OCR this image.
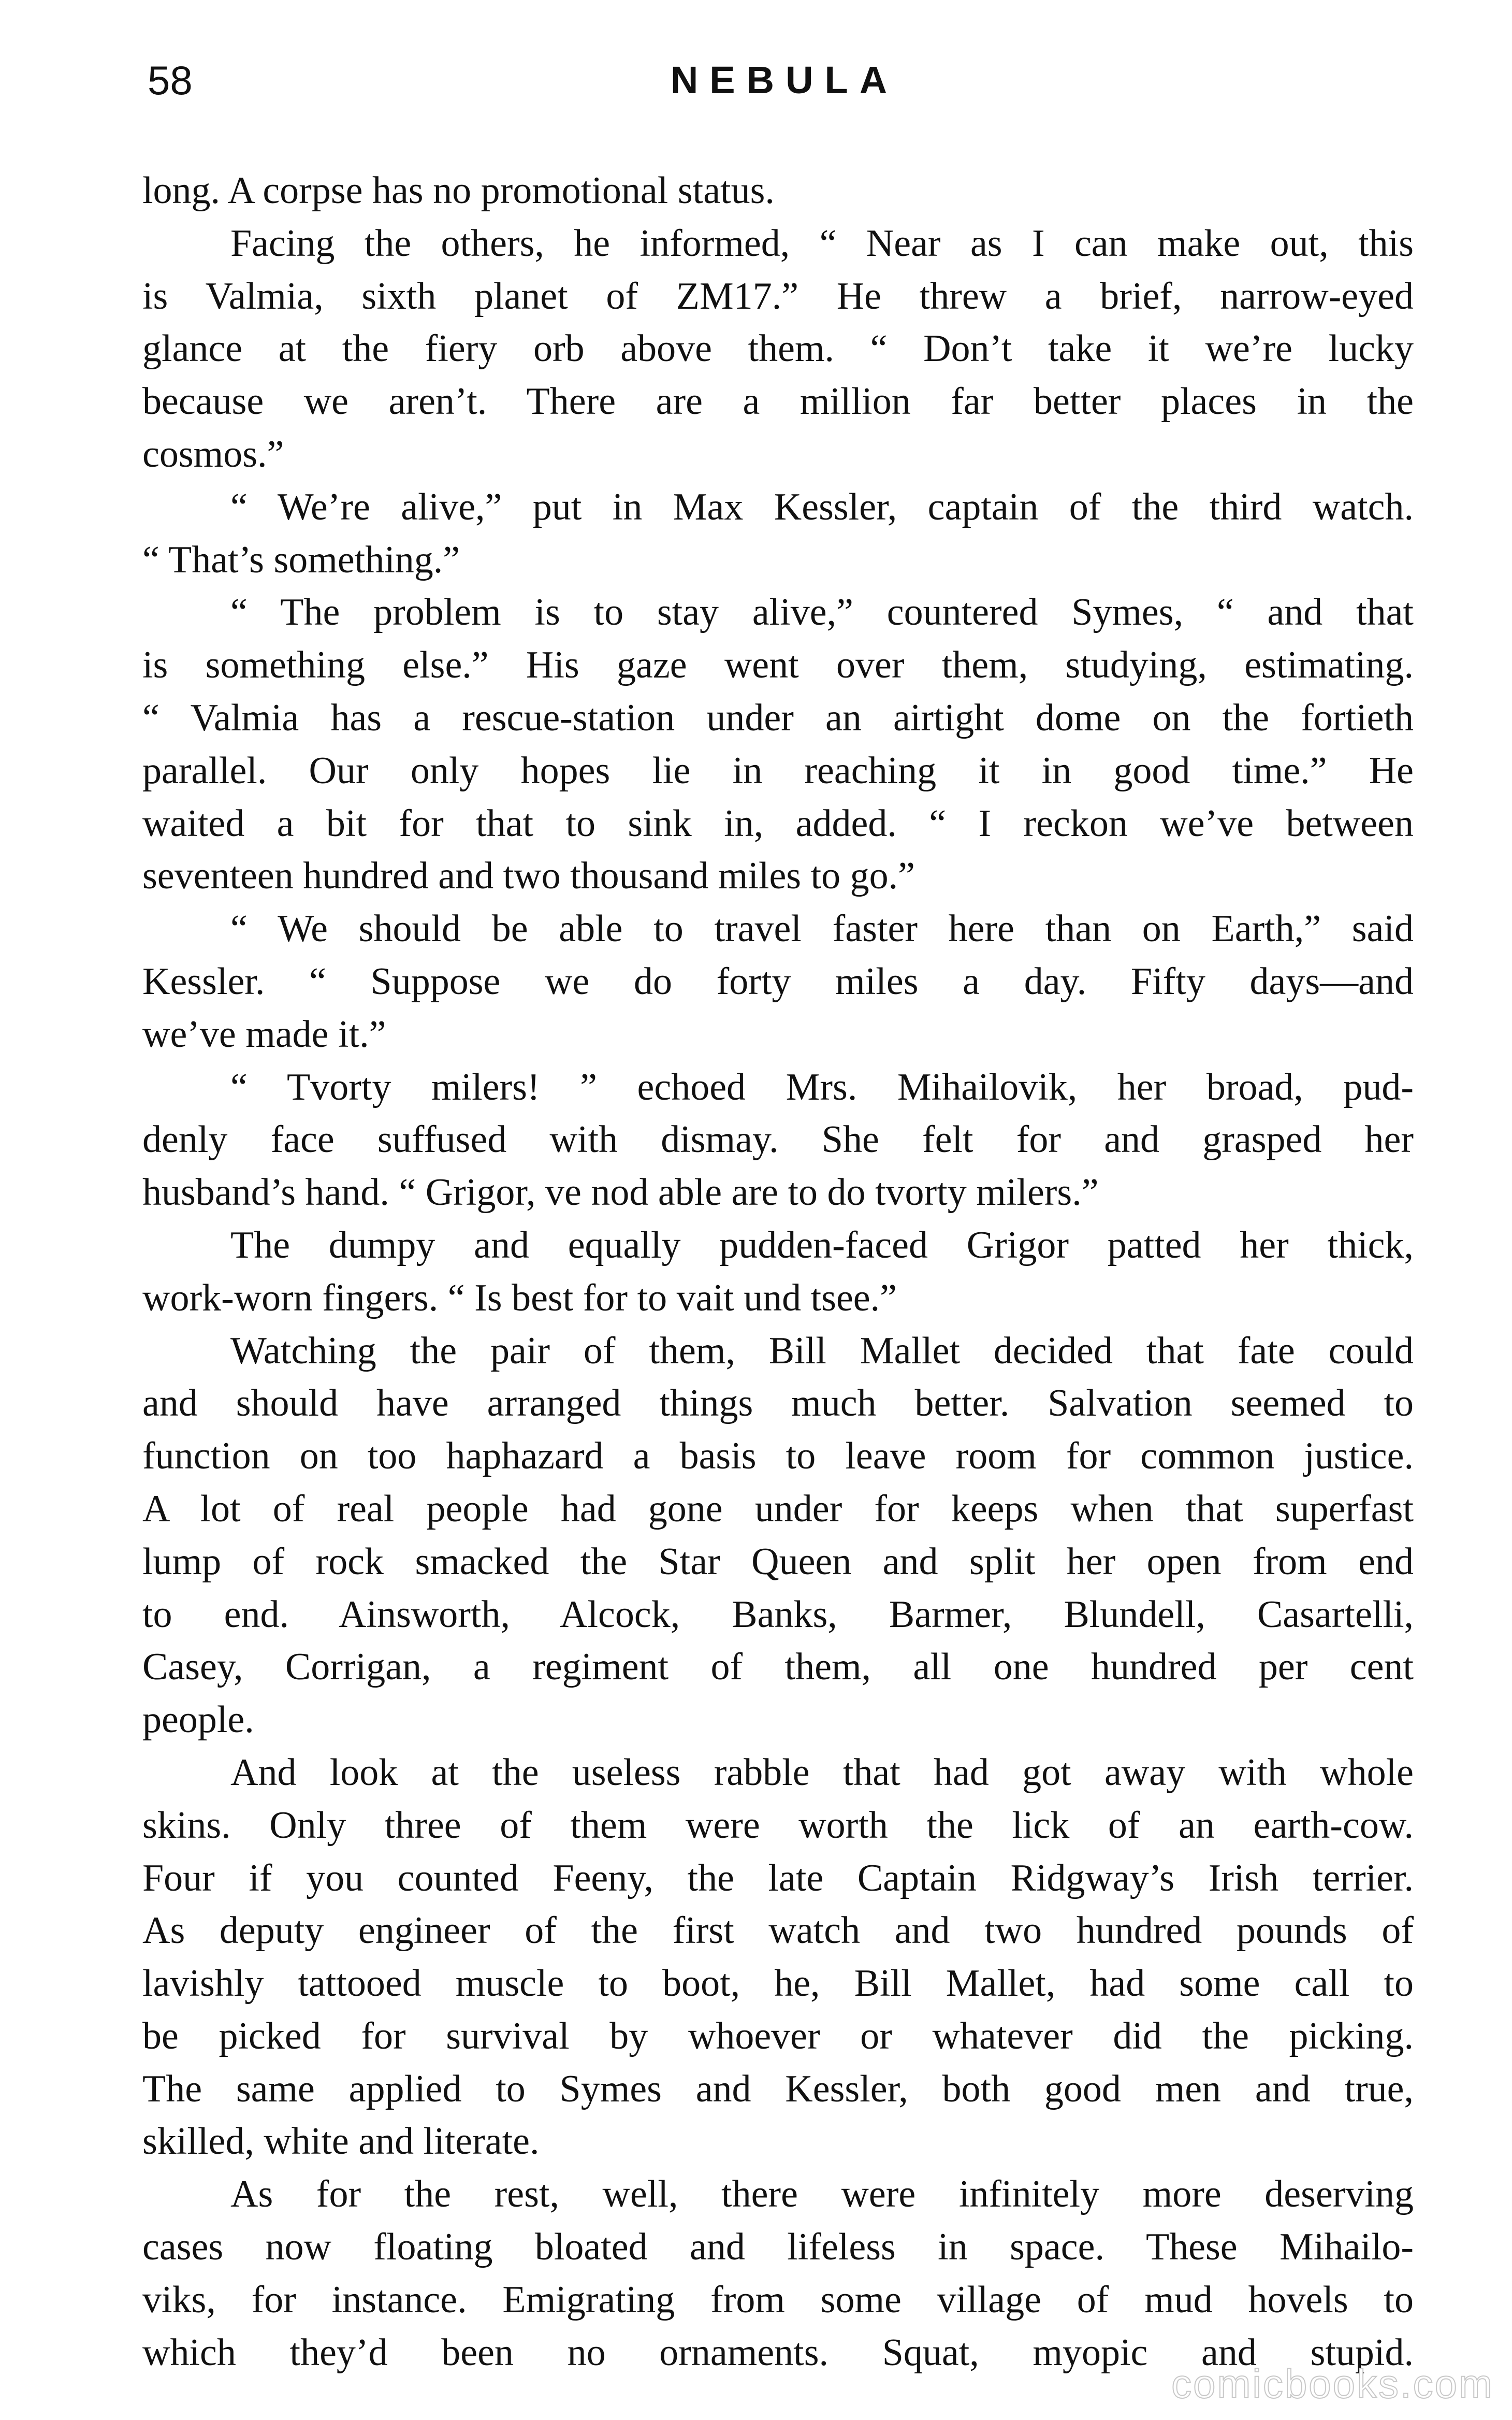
58	NEBULA
long. A corpse has no promotional status.
Facing the others, he informed, “ Near as I can make out, this
is Valmia, sixth planet of ZM17.” He threw a brief, narrow-eyed
glance at the fiery orb above them. “ Don’t take it we’re lucky
because we aren’t. There are a million far better places in the
cosmos.”
“ We’re alive,” put in Max Kessler, captain of the third watch.
“ That’s something.”
“ The problem is to stay alive,” countered Symes, “ and that
is something else.” His gaze went over them, studying, estimating.
“ Valmia has a rescue-station under an airtight dome on the fortieth
parallel. Our only hopes lie in reaching it in good time.” He
waited a bit for that to sink in, added. “ I reckon we’ve between
seventeen hundred and two thousand miles to go.”
“ We should be able to travel faster here than on Earth,” said
Kessler. “ Suppose we do forty miles a day. Fifty days—and
we’ve made it.”
“ Tvorty milers! ” echoed Mrs. Mihailovik, her broad, pud-
denly face suffused with dismay. She felt for and grasped her
husband’s hand. “ Grigor, ve nod able are to do tvorty milers.”
The dumpy and equally pudden-faced Grigor patted her thick,
work-worn fingers. “ Is best for to vait und tsee.”
Watching the pair of them, Bill Mallet decided that fate could
and should have arranged things much better. Salvation seemed to
function on too haphazard a basis to leave room for common justice.
A lot of real people had gone under for keeps when that superfast
lump of rock smacked the Star Queen and split her open from end
to end. Ainsworth, Alcock, Banks, Barmer, Blundell, Casartelli,
Casey, Corrigan, a regiment of them, all one hundred per cent
people.
And look at the useless rabble that had got away with whole
skins. Only three of them were worth the lick of an earth-cow.
Four if you counted Feeny, the late Captain Ridgway’s Irish terrier.
As deputy engineer of the first watch and two hundred pounds of
lavishly tattooed muscle to boot, he, Bill Mallet, had some call to
be picked for survival by whoever or whatever did the picking.
The same applied to Symes and Kessler, both good men and true,
skilled, white and literate.
As for the rest, well, there were infinitely more deserving
cases now floating bloated and lifeless in space. These Mihailo-
viks, for instance. Emigrating from some village of mud hovels to
which they’d been no ornaments. Squat, myopic and stupid.
comicbooks.com
